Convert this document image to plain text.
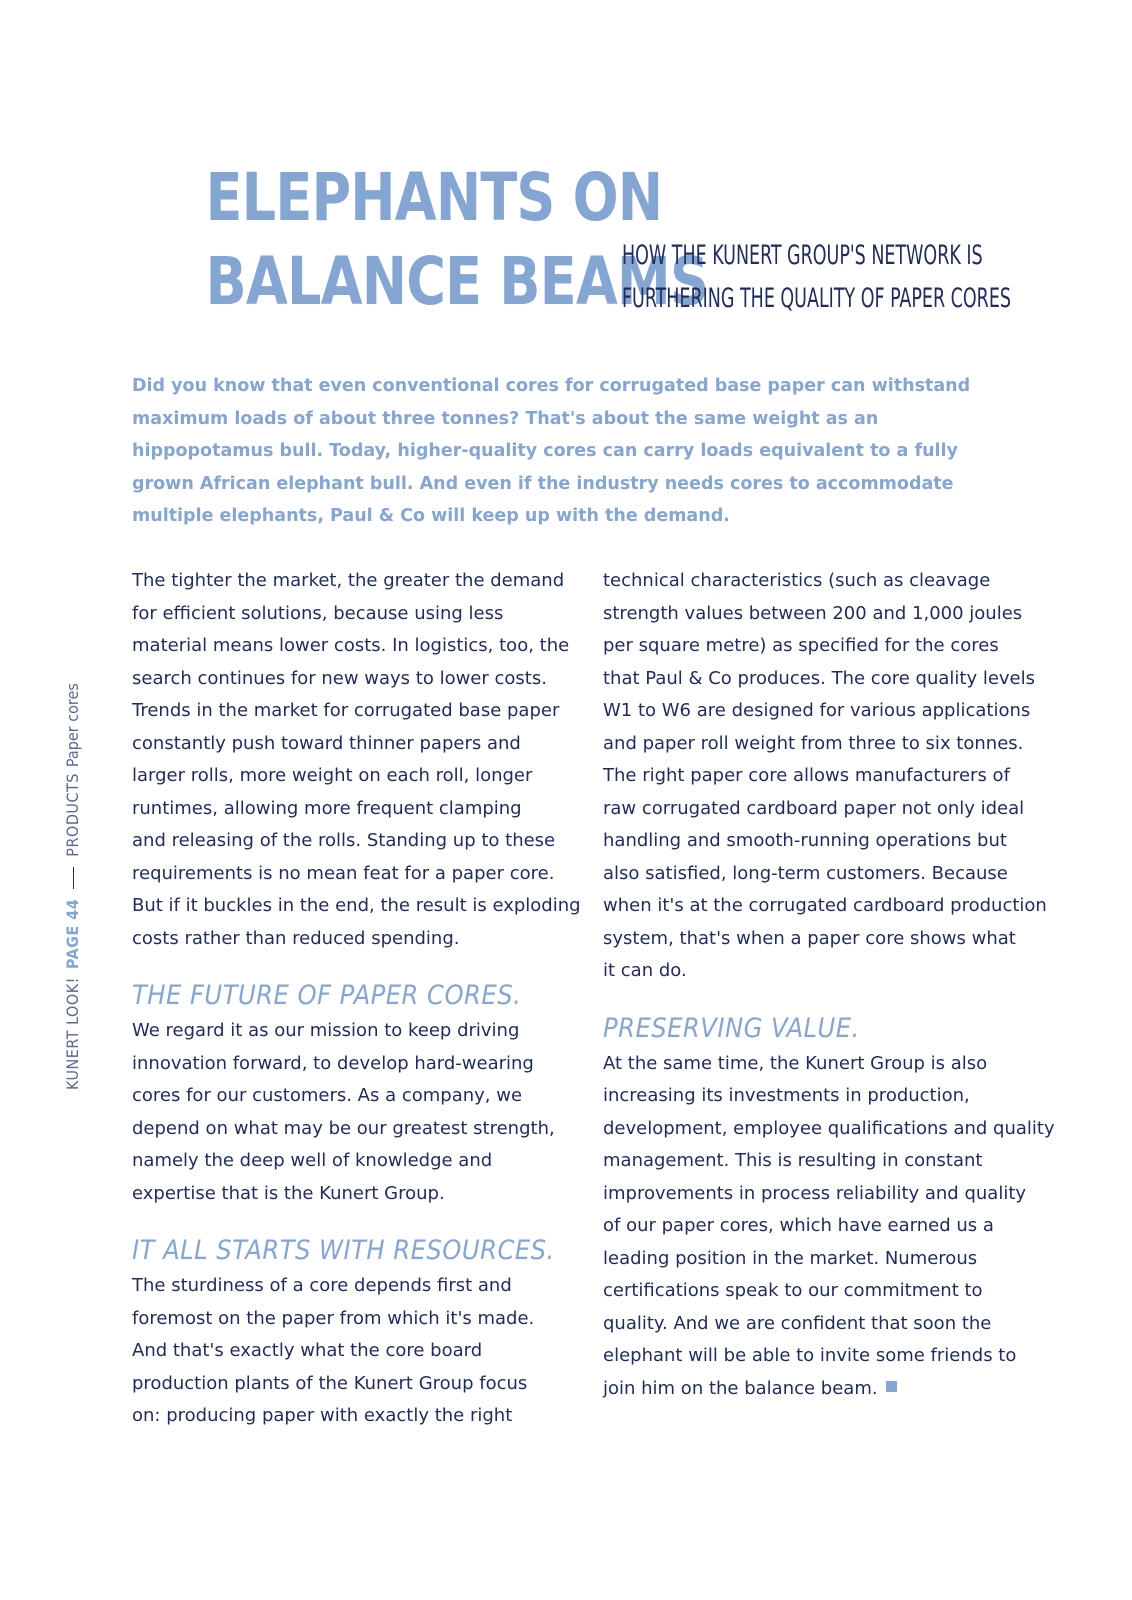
ELEPHANTS ON
BALANCE BEAMS
HOW THE KUNERT GROUP'S NETWORK IS
FURTHERING THE QUALITY OF PAPER CORES

Did you know that even conventional cores for corrugated base paper can withstand maximum loads of about three tonnes? That's about the same weight as an hippopotamus bull. Today, higher-quality cores can carry loads equivalent to a fully grown African elephant bull. And even if the industry needs cores to accommodate multiple elephants, Paul & Co will keep up with the demand.

The tighter the market, the greater the demand
for efficient solutions, because using less
material means lower costs. In logistics, too, the
search continues for new ways to lower costs.
Trends in the market for corrugated base paper
constantly push toward thinner papers and
larger rolls, more weight on each roll, longer
runtimes, allowing more frequent clamping
and releasing of the rolls. Standing up to these
requirements is no mean feat for a paper core.
But if it buckles in the end, the result is exploding
costs rather than reduced spending.

THE FUTURE OF PAPER CORES.

We regard it as our mission to keep driving
innovation forward, to develop hard-wearing
cores for our customers. As a company, we
depend on what may be our greatest strength,
namely the deep well of knowledge and
expertise that is the Kunert Group.

IT ALL STARTS WITH RESOURCES.

The sturdiness of a core depends first and
foremost on the paper from which it's made.
And that's exactly what the core board
production plants of the Kunert Group focus
on: producing paper with exactly the right

technical characteristics (such as cleavage
strength values between 200 and 1,000 joules
per square metre) as specified for the cores
that Paul & Co produces. The core quality levels
W1 to W6 are designed for various applications
and paper roll weight from three to six tonnes.
The right paper core allows manufacturers of
raw corrugated cardboard paper not only ideal
handling and smooth-running operations but
also satisfied, long-term customers. Because
when it's at the corrugated cardboard production
system, that's when a paper core shows what
it can do.

PRESERVING VALUE.

At the same time, the Kunert Group is also
increasing its investments in production,
development, employee qualifications and quality
management. This is resulting in constant
improvements in process reliability and quality
of our paper cores, which have earned us a
leading position in the market. Numerous
certifications speak to our commitment to
quality. And we are confident that soon the
elephant will be able to invite some friends to
join him on the balance beam.

KUNERT LOOK!PAGE 44PRODUCTSPaper cores
